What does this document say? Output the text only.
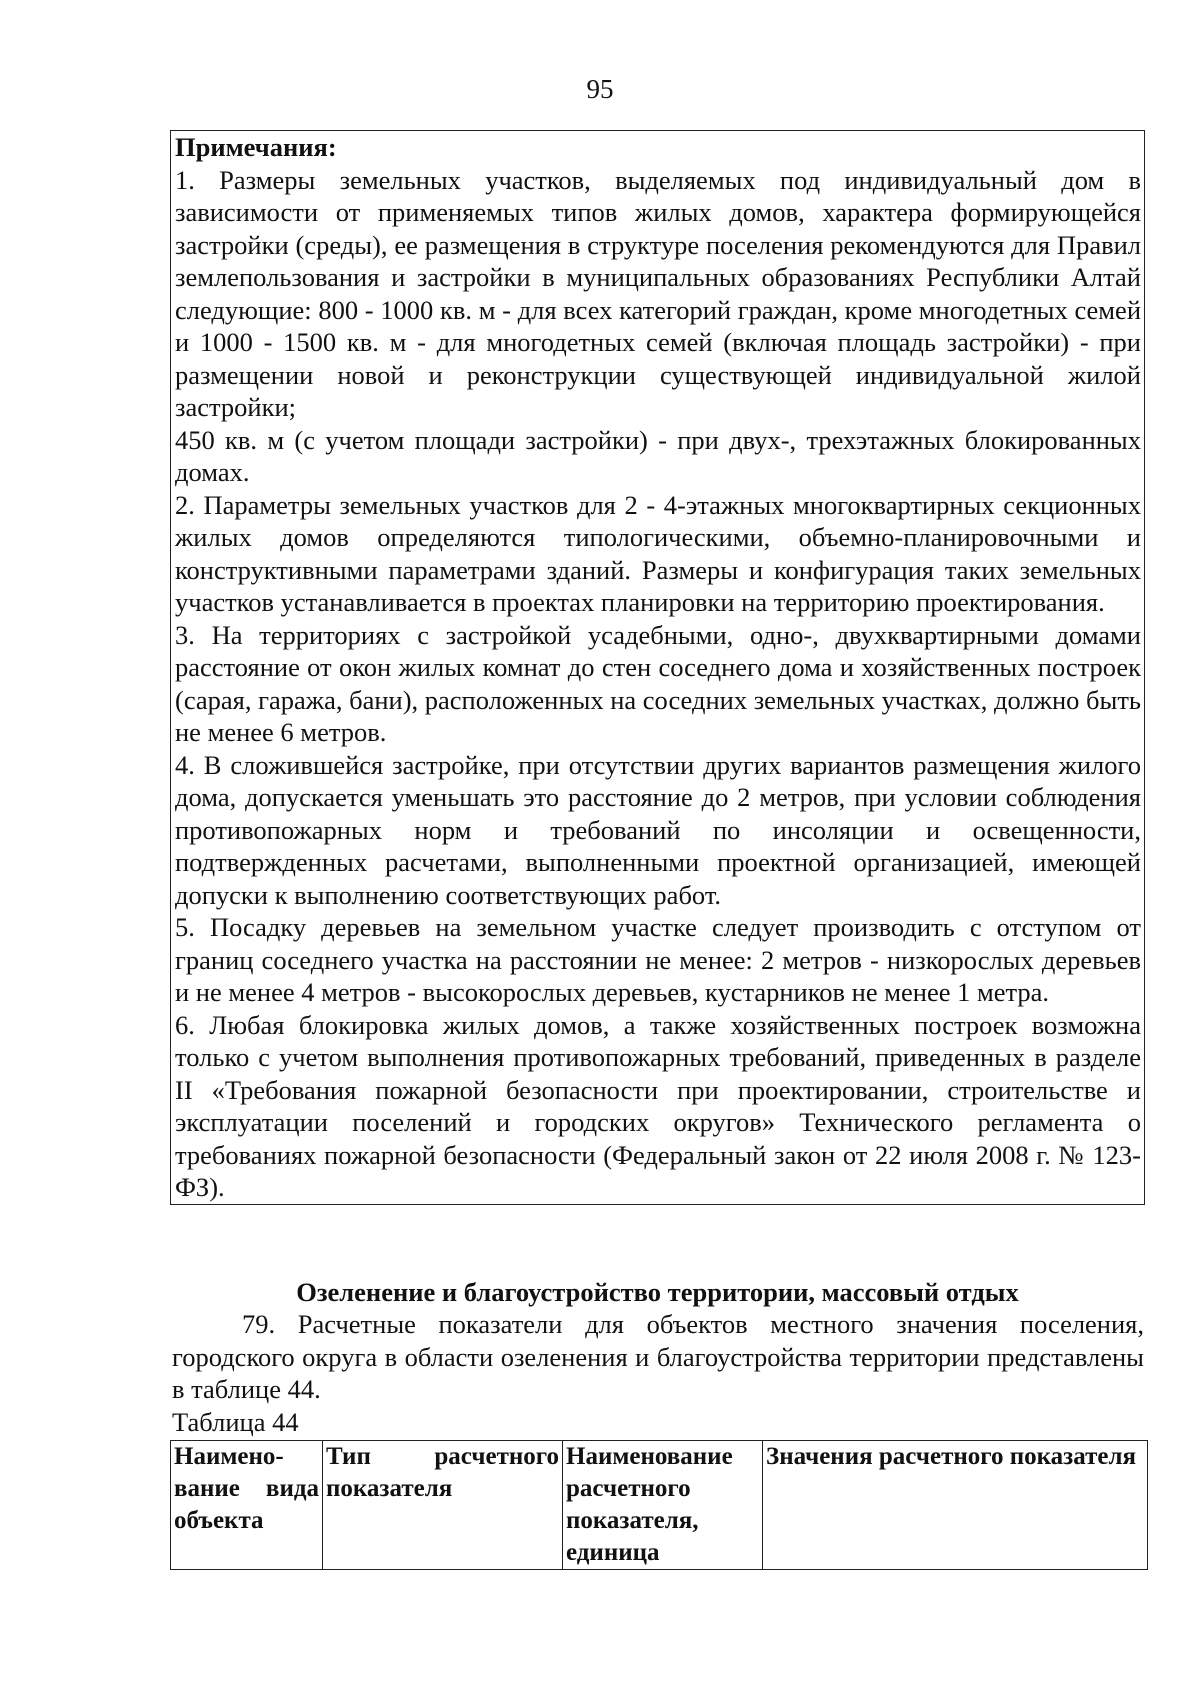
95
Примечания:

1. Размеры земельных участков, выделяемых под индивидуальный дом в зависимости от применяемых типов жилых домов, характера формирующейся застройки (среды), ее размещения в структуре поселения рекомендуются для Правил землепользования и застройки в муниципальных образованиях Республики Алтай следующие: 800 - 1000 кв. м - для всех категорий граждан, кроме многодетных семей и 1000 - 1500 кв. м - для многодетных семей (включая площадь застройки) - при размещении новой и реконструкции существующей индивидуальной жилой застройки;

450 кв. м (с учетом площади застройки) - при двух-, трехэтажных блокированных домах.

2. Параметры земельных участков для 2 - 4-этажных многоквартирных секционных жилых домов определяются типологическими, объемно-планировочными и конструктивными параметрами зданий. Размеры и конфигурация таких земельных участков устанавливается в проектах планировки на территорию проектирования.

3. На территориях с застройкой усадебными, одно-, двухквартирными домами расстояние от окон жилых комнат до стен соседнего дома и хозяйственных построек (сарая, гаража, бани), расположенных на соседних земельных участках, должно быть не менее 6 метров.

4. В сложившейся застройке, при отсутствии других вариантов размещения жилого дома, допускается уменьшать это расстояние до 2 метров, при условии соблюдения противопожарных норм и требований по инсоляции и освещенности, подтвержденных расчетами, выполненными проектной организацией, имеющей допуски к выполнению соответствующих работ.

5. Посадку деревьев на земельном участке следует производить с отступом от границ соседнего участка на расстоянии не менее: 2 метров - низкорослых деревьев и не менее 4 метров - высокорослых деревьев, кустарников не менее 1 метра.

6. Любая блокировка жилых домов, а также хозяйственных построек возможна только с учетом выполнения противопожарных требований, приведенных в разделе II «Требования пожарной безопасности при проектировании, строительстве и эксплуатации поселений и городских округов» Технического регламента о требованиях пожарной безопасности (Федеральный закон от 22 июля 2008 г. № 123-ФЗ).

Озеленение и благоустройство территории, массовый отдых

79. Расчетные показатели для объектов местного значения поселения, городского округа в области озеленения и благоустройства территории представлены в таблице 44.

Таблица 44
Наимено-вание вида объекта	Тип расчетного показателя	Наименование расчетного показателя, единица	Значения расчетного показателя
